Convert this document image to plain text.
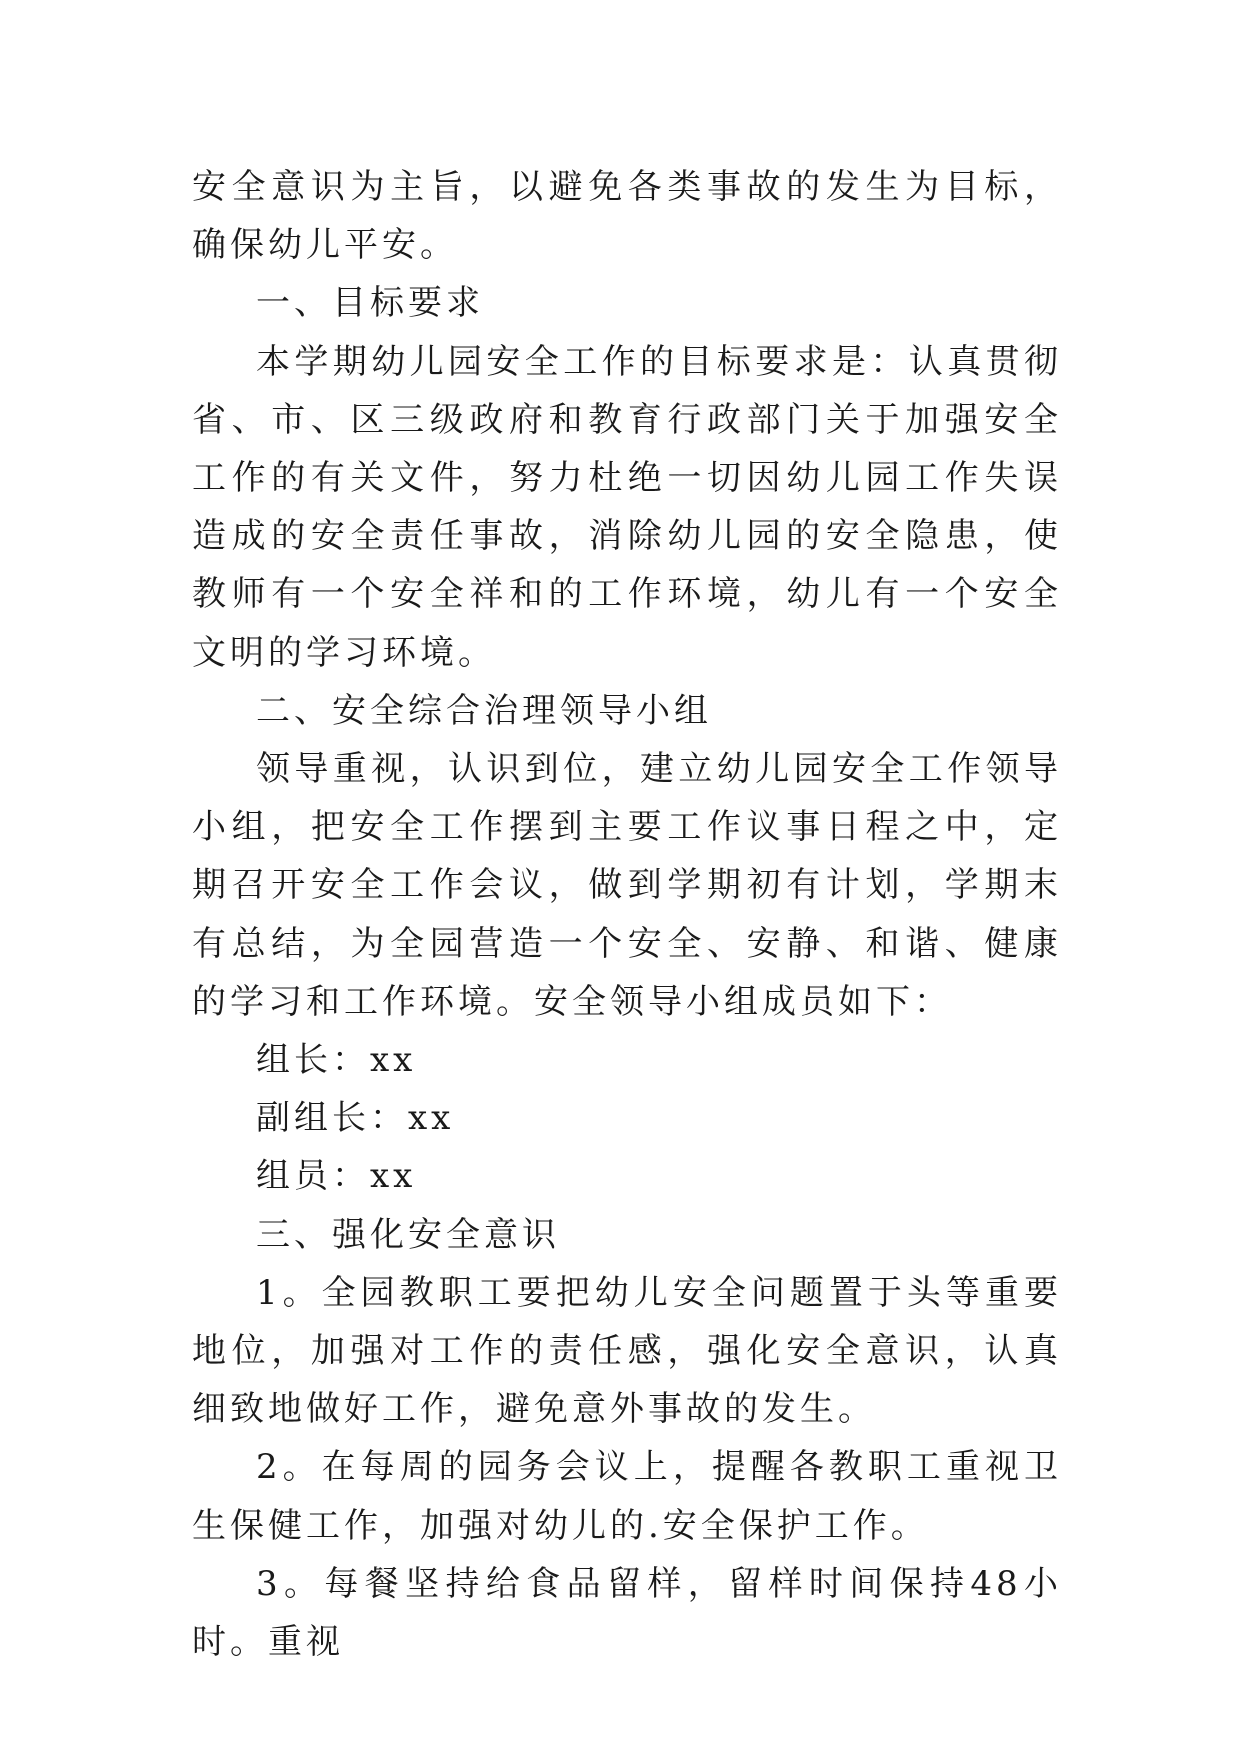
安全意识为主旨，以避免各类事故的发生为目标，确保幼儿平安。

一、目标要求

本学期幼儿园安全工作的目标要求是：认真贯彻省、市、区三级政府和教育行政部门关于加强安全工作的有关文件，努力杜绝一切因幼儿园工作失误造成的安全责任事故，消除幼儿园的安全隐患，使教师有一个安全祥和的工作环境，幼儿有一个安全文明的学习环境。

二、安全综合治理领导小组

领导重视，认识到位，建立幼儿园安全工作领导小组，把安全工作摆到主要工作议事日程之中，定期召开安全工作会议，做到学期初有计划，学期末有总结，为全园营造一个安全、安静、和谐、健康的学习和工作环境。安全领导小组成员如下：

组长：xx

副组长：xx

组员：xx

三、强化安全意识

1。全园教职工要把幼儿安全问题置于头等重要地位，加强对工作的责任感，强化安全意识，认真细致地做好工作，避免意外事故的发生。

2。在每周的园务会议上，提醒各教职工重视卫生保健工作，加强对幼儿的.安全保护工作。

3。每餐坚持给食品留样，留样时间保持48小时。重视
